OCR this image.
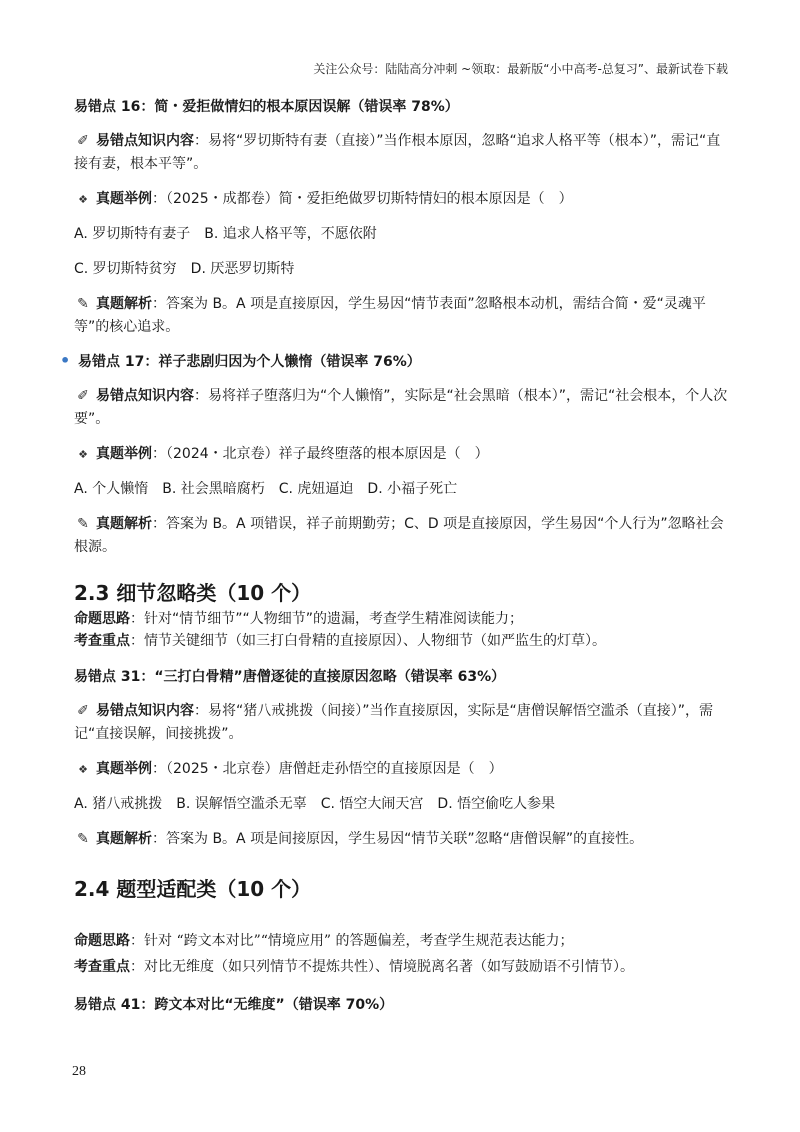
关注公众号：陆陆高分冲刺 ~领取：最新版“小中高考-总复习”、最新试卷下载
易错点 16：简・爱拒做情妇的根本原因误解（错误率 78%）

✐ 易错点知识内容：易将“罗切斯特有妻（直接）”当作根本原因，忽略“追求人格平等（根本）”，需记“直接有妻，根本平等”。

❖ 真题举例：（2025・成都卷）简・爱拒绝做罗切斯特情妇的根本原因是（　）

A. 罗切斯特有妻子　B. 追求人格平等，不愿依附

C. 罗切斯特贫穷　D. 厌恶罗切斯特

✎ 真题解析：答案为 B。A 项是直接原因，学生易因“情节表面”忽略根本动机，需结合简・爱“灵魂平等”的核心追求。

• 易错点 17：祥子悲剧归因为个人懒惰（错误率 76%）

✐ 易错点知识内容：易将祥子堕落归为“个人懒惰”，实际是“社会黑暗（根本）”，需记“社会根本，个人次要”。

❖ 真题举例：（2024・北京卷）祥子最终堕落的根本原因是（　）

A. 个人懒惰　B. 社会黑暗腐朽　C. 虎妞逼迫　D. 小福子死亡

✎ 真题解析：答案为 B。A 项错误，祥子前期勤劳；C、D 项是直接原因，学生易因“个人行为”忽略社会根源。

2.3 细节忽略类（10 个）

命题思路：针对“情节细节”“人物细节”的遗漏，考查学生精准阅读能力；

考查重点：情节关键细节（如三打白骨精的直接原因）、人物细节（如严监生的灯草）。

易错点 31：“三打白骨精”唐僧逐徒的直接原因忽略（错误率 63%）

✐ 易错点知识内容：易将“猪八戒挑拨（间接）”当作直接原因，实际是“唐僧误解悟空滥杀（直接）”，需记“直接误解，间接挑拨”。

❖ 真题举例：（2025・北京卷）唐僧赶走孙悟空的直接原因是（　）

A. 猪八戒挑拨　B. 误解悟空滥杀无辜　C. 悟空大闹天宫　D. 悟空偷吃人参果

✎ 真题解析：答案为 B。A 项是间接原因，学生易因“情节关联”忽略“唐僧误解”的直接性。

2.4 题型适配类（10 个）

命题思路：针对 “跨文本对比”“情境应用” 的答题偏差，考查学生规范表达能力；

考查重点：对比无维度（如只列情节不提炼共性）、情境脱离名著（如写鼓励语不引情节）。

易错点 41：跨文本对比“无维度”（错误率 70%）
28
